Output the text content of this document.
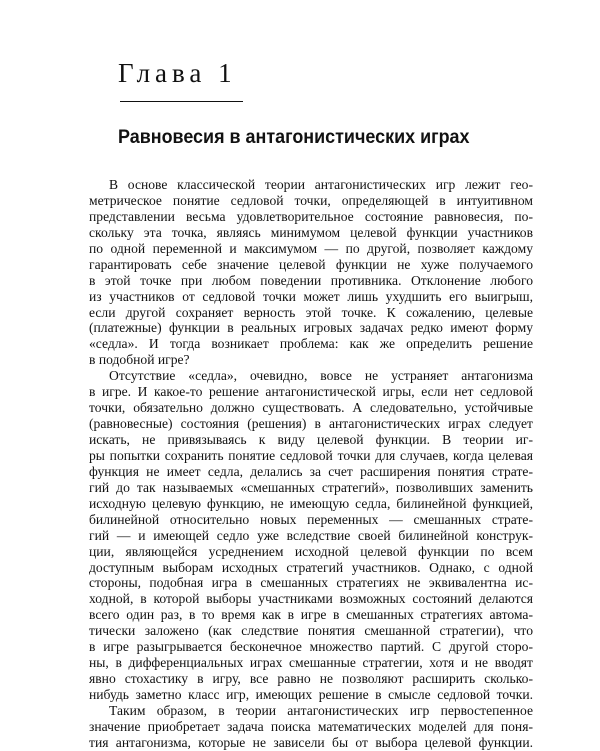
Глава 1
Равновесия в антагонистических играх

В основе классической теории антагонистических игр лежит гео-
метрическое понятие седловой точки, определяющей в интуитивном
представлении весьма удовлетворительное состояние равновесия, по-
скольку эта точка, являясь минимумом целевой функции участников
по одной переменной и максимумом — по другой, позволяет каждому
гарантировать себе значение целевой функции не хуже получаемого
в этой точке при любом поведении противника. Отклонение любого
из участников от седловой точки может лишь ухудшить его выигрыш,
если другой сохраняет верность этой точке. К сожалению, целевые
(платежные) функции в реальных игровых задачах редко имеют форму
«седла». И тогда возникает проблема: как же определить решение
в подобной игре?

Отсутствие «седла», очевидно, вовсе не устраняет антагонизма
в игре. И какое-то решение антагонистической игры, если нет седловой
точки, обязательно должно существовать. А следовательно, устойчивые
(равновесные) состояния (решения) в антагонистических играх следует
искать, не привязываясь к виду целевой функции. В теории иг-
ры попытки сохранить понятие седловой точки для случаев, когда целевая
функция не имеет седла, делались за счет расширения понятия страте-
гий до так называемых «смешанных стратегий», позволивших заменить
исходную целевую функцию, не имеющую седла, билинейной функцией,
билинейной относительно новых переменных — смешанных страте-
гий — и имеющей седло уже вследствие своей билинейной конструк-
ции, являющейся усреднением исходной целевой функции по всем
доступным выборам исходных стратегий участников. Однако, с одной
стороны, подобная игра в смешанных стратегиях не эквивалентна ис-
ходной, в которой выборы участниками возможных состояний делаются
всего один раз, в то время как в игре в смешанных стратегиях автома-
тически заложено (как следствие понятия смешанной стратегии), что
в игре разыгрывается бесконечное множество партий. С другой сторо-
ны, в дифференциальных играх смешанные стратегии, хотя и не вводят
явно стохастику в игру, все равно не позволяют расширить сколько-
нибудь заметно класс игр, имеющих решение в смысле седловой точки.

Таким образом, в теории антагонистических игр первостепенное
значение приобретает задача поиска математических моделей для поня-
тия антагонизма, которые не зависели бы от выбора целевой функции.
